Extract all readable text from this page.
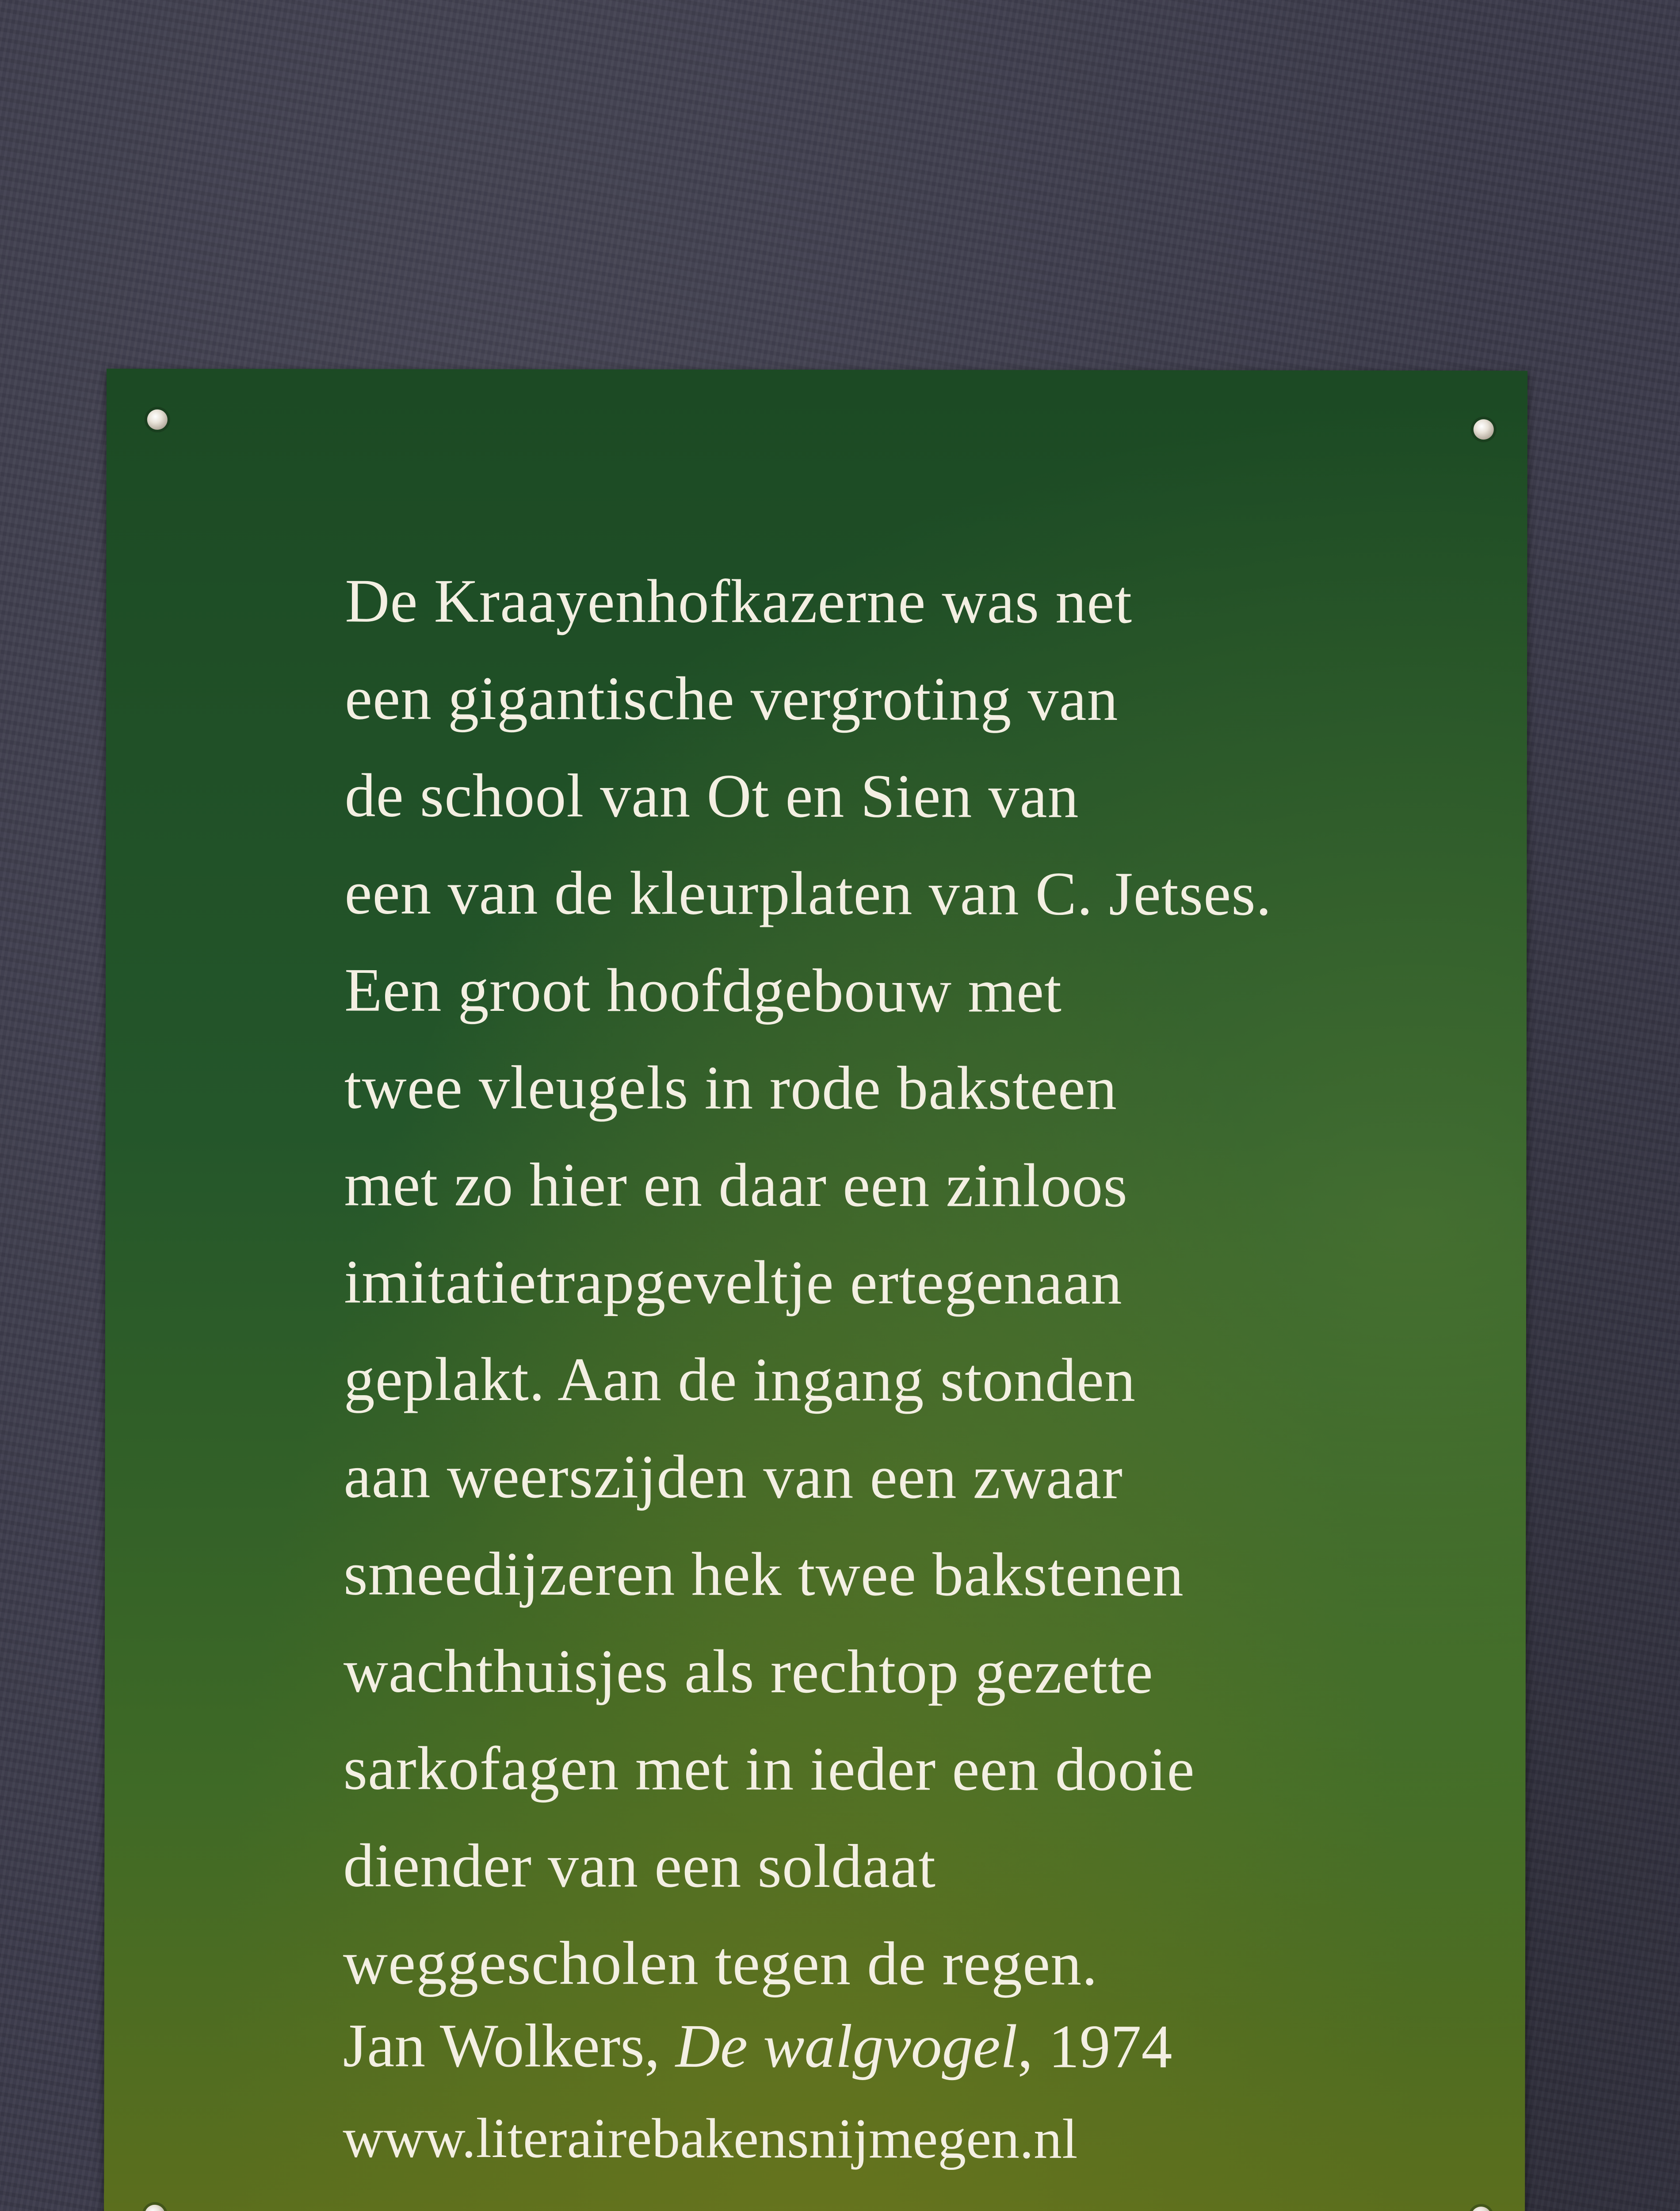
De Kraayenhofkazerne was net
een gigantische vergroting van
de school van Ot en Sien van
een van de kleurplaten van C. Jetses.
Een groot hoofdgebouw met
twee vleugels in rode baksteen
met zo hier en daar een zinloos
imitatietrapgeveltje ertegenaan
geplakt. Aan de ingang stonden
aan weerszijden van een zwaar
smeedijzeren hek twee bakstenen
wachthuisjes als rechtop gezette
sarkofagen met in ieder een dooie
diender van een soldaat
weggescholen tegen de regen.
Jan Wolkers, De walgvogel, 1974
www.literairebakensnijmegen.nl
